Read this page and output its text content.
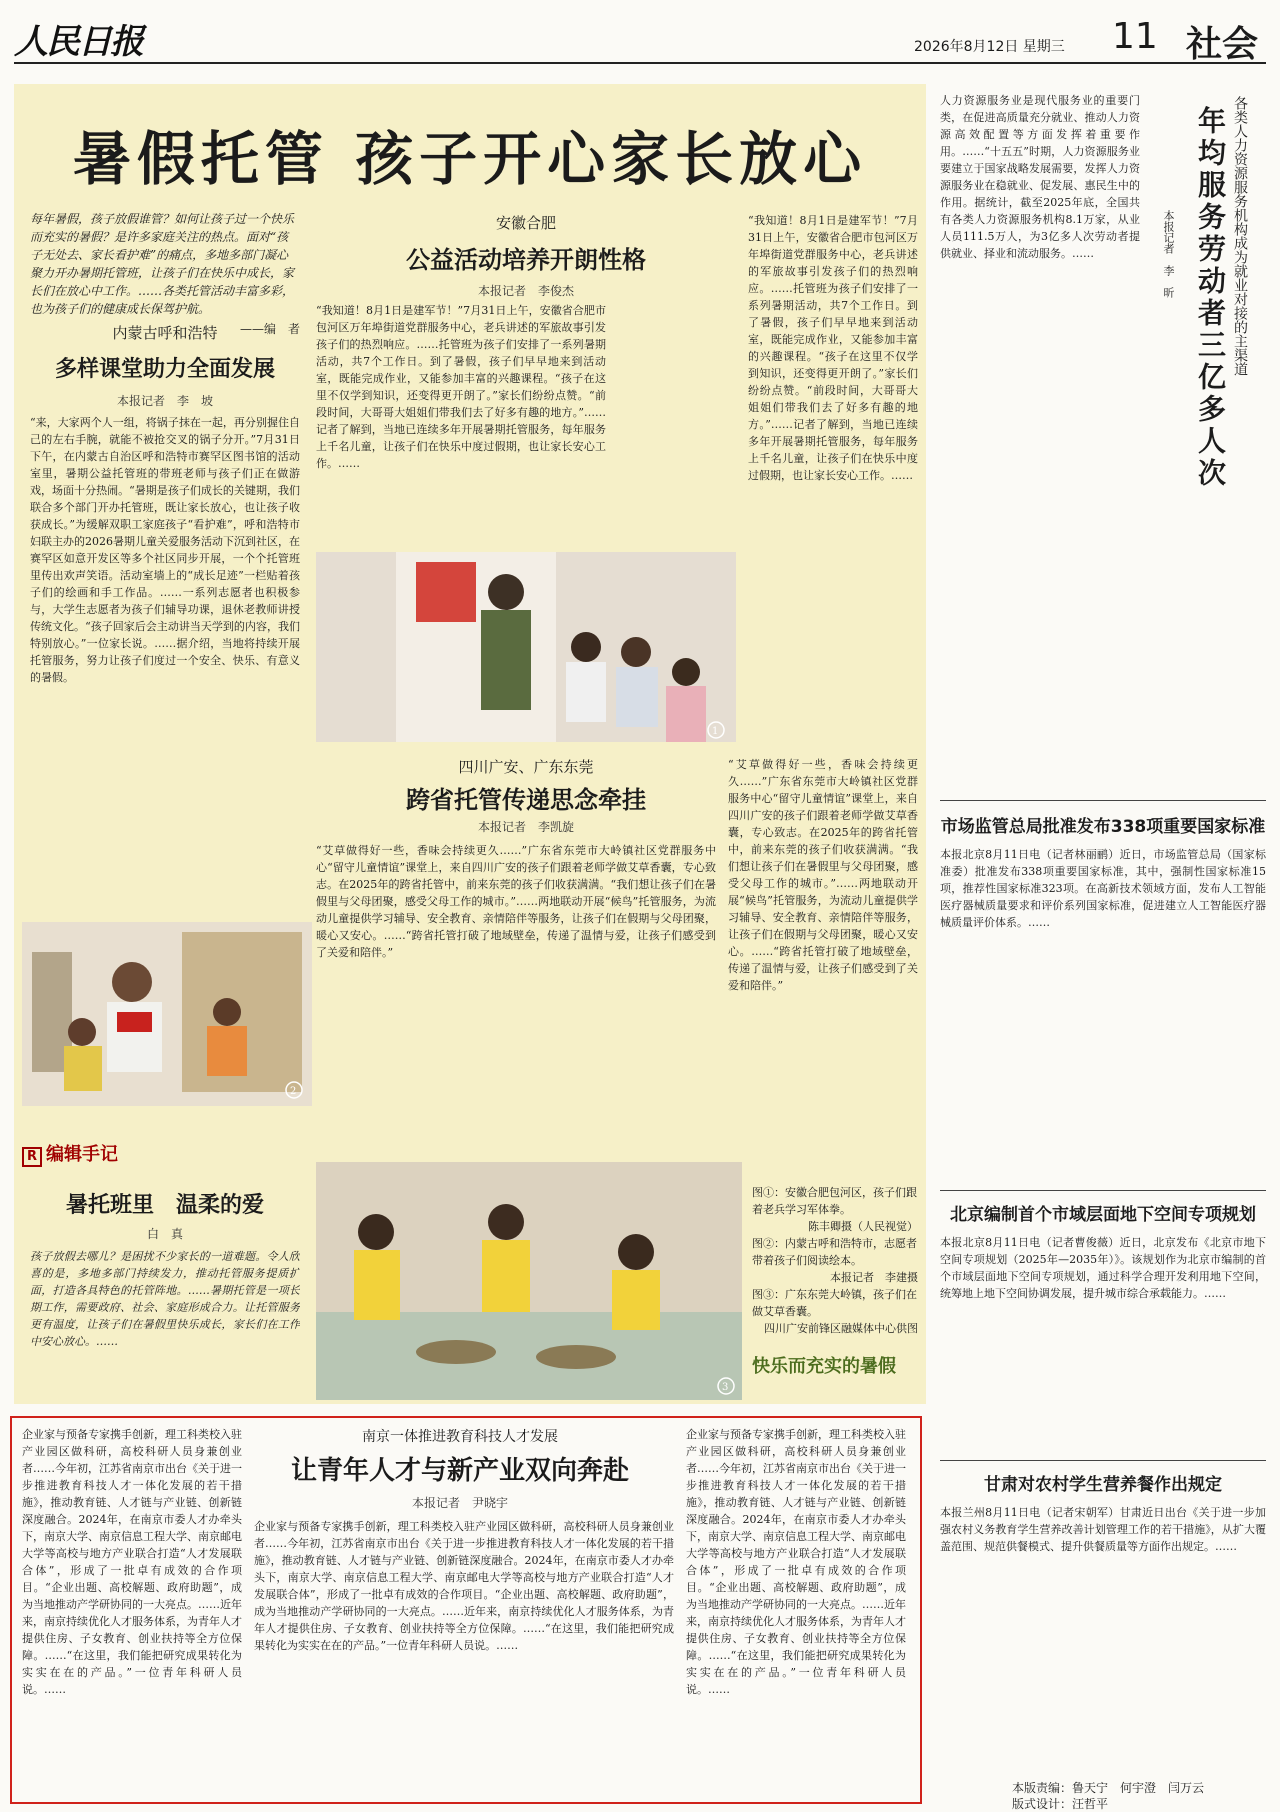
人民日报	2026年8月12日 星期三 11 社会
暑假托管 孩子开心家长放心
每年暑假，孩子放假谁管？如何让孩子过一个快乐而充实的暑假？是许多家庭关注的热点。面对“孩子无处去、家长看护难”的痛点，多地多部门凝心聚力开办暑期托管班，让孩子们在快乐中成长，家长们在放心中工作。……各类托管活动丰富多彩，也为孩子们的健康成长保驾护航。
——编　者
内蒙古呼和浩特
多样课堂助力全面发展
本报记者　李　坡
“来，大家两个人一组，将锅子抹在一起，再分别握住自己的左右手腕，就能不被抢交叉的锅子分开。”7月31日下午，在内蒙古自治区呼和浩特市赛罕区图书馆的活动室里，暑期公益托管班的带班老师与孩子们正在做游戏，场面十分热闹。“暑期是孩子们成长的关键期，我们联合多个部门开办托管班，既让家长放心，也让孩子收获成长。”为缓解双职工家庭孩子“看护难”，呼和浩特市妇联主办的2026暑期儿童关爱服务活动下沉到社区，在赛罕区如意开发区等多个社区同步开展，一个个托管班里传出欢声笑语。活动室墙上的“成长足迹”一栏贴着孩子们的绘画和手工作品。……一系列志愿者也积极参与，大学生志愿者为孩子们辅导功课，退休老教师讲授传统文化。“孩子回家后会主动讲当天学到的内容，我们特别放心。”一位家长说。……据介绍，当地将持续开展托管服务，努力让孩子们度过一个安全、快乐、有意义的暑假。
2
R 编辑手记
暑托班里　温柔的爱
白　真
孩子放假去哪儿？是困扰不少家长的一道难题。令人欣喜的是，多地多部门持续发力，推动托管服务提质扩面，打造各具特色的托管阵地。……暑期托管是一项长期工作，需要政府、社会、家庭形成合力。让托管服务更有温度，让孩子们在暑假里快乐成长，家长们在工作中安心放心。……
安徽合肥
公益活动培养开朗性格
本报记者　李俊杰
“我知道！8月1日是建军节！”7月31日上午，安徽省合肥市包河区万年埠街道党群服务中心，老兵讲述的军旅故事引发孩子们的热烈响应。……托管班为孩子们安排了一系列暑期活动，共7个工作日。到了暑假，孩子们早早地来到活动室，既能完成作业，又能参加丰富的兴趣课程。“孩子在这里不仅学到知识，还变得更开朗了。”家长们纷纷点赞。“前段时间，大哥哥大姐姐们带我们去了好多有趣的地方。”……记者了解到，当地已连续多年开展暑期托管服务，每年服务上千名儿童，让孩子们在快乐中度过假期，也让家长安心工作。……
1
四川广安、广东东莞
跨省托管传递思念牵挂
本报记者　李凯旋
“艾草做得好一些，香味会持续更久……”广东省东莞市大岭镇社区党群服务中心“留守儿童情谊”课堂上，来自四川广安的孩子们跟着老师学做艾草香囊，专心致志。在2025年的跨省托管中，前来东莞的孩子们收获满满。“我们想让孩子们在暑假里与父母团聚，感受父母工作的城市。”……两地联动开展“候鸟”托管服务，为流动儿童提供学习辅导、安全教育、亲情陪伴等服务，让孩子们在假期与父母团聚，暖心又安心。……“跨省托管打破了地域壁垒，传递了温情与爱，让孩子们感受到了关爱和陪伴。”
3
“我知道！8月1日是建军节！”7月31日上午，安徽省合肥市包河区万年埠街道党群服务中心，老兵讲述的军旅故事引发孩子们的热烈响应。……托管班为孩子们安排了一系列暑期活动，共7个工作日。到了暑假，孩子们早早地来到活动室，既能完成作业，又能参加丰富的兴趣课程。“孩子在这里不仅学到知识，还变得更开朗了。”家长们纷纷点赞。“前段时间，大哥哥大姐姐们带我们去了好多有趣的地方。”……记者了解到，当地已连续多年开展暑期托管服务，每年服务上千名儿童，让孩子们在快乐中度过假期，也让家长安心工作。……
“艾草做得好一些，香味会持续更久……”广东省东莞市大岭镇社区党群服务中心“留守儿童情谊”课堂上，来自四川广安的孩子们跟着老师学做艾草香囊，专心致志。在2025年的跨省托管中，前来东莞的孩子们收获满满。“我们想让孩子们在暑假里与父母团聚，感受父母工作的城市。”……两地联动开展“候鸟”托管服务，为流动儿童提供学习辅导、安全教育、亲情陪伴等服务，让孩子们在假期与父母团聚，暖心又安心。……“跨省托管打破了地域壁垒，传递了温情与爱，让孩子们感受到了关爱和陪伴。”
图①：安徽合肥包河区，孩子们跟着老兵学习军体拳。
陈丰卿摄（人民视觉）
图②：内蒙古呼和浩特市，志愿者带着孩子们阅读绘本。
本报记者　李建摄
图③：广东东莞大岭镇，孩子们在做艾草香囊。
四川广安前锋区融媒体中心供图
快乐而充实的暑假
南京一体推进教育科技人才发展
让青年人才与新产业双向奔赴
本报记者　尹晓宇
企业家与预备专家携手创新，理工科类校入驻产业园区做科研，高校科研人员身兼创业者……今年初，江苏省南京市出台《关于进一步推进教育科技人才一体化发展的若干措施》，推动教育链、人才链与产业链、创新链深度融合。2024年，在南京市委人才办牵头下，南京大学、南京信息工程大学、南京邮电大学等高校与地方产业联合打造“人才发展联合体”，形成了一批卓有成效的合作项目。“企业出题、高校解题、政府助题”，成为当地推动产学研协同的一大亮点。……近年来，南京持续优化人才服务体系，为青年人才提供住房、子女教育、创业扶持等全方位保障。……“在这里，我们能把研究成果转化为实实在在的产品。”一位青年科研人员说。……
企业家与预备专家携手创新，理工科类校入驻产业园区做科研，高校科研人员身兼创业者……今年初，江苏省南京市出台《关于进一步推进教育科技人才一体化发展的若干措施》，推动教育链、人才链与产业链、创新链深度融合。2024年，在南京市委人才办牵头下，南京大学、南京信息工程大学、南京邮电大学等高校与地方产业联合打造“人才发展联合体”，形成了一批卓有成效的合作项目。“企业出题、高校解题、政府助题”，成为当地推动产学研协同的一大亮点。……近年来，南京持续优化人才服务体系，为青年人才提供住房、子女教育、创业扶持等全方位保障。……“在这里，我们能把研究成果转化为实实在在的产品。”一位青年科研人员说。……
企业家与预备专家携手创新，理工科类校入驻产业园区做科研，高校科研人员身兼创业者……今年初，江苏省南京市出台《关于进一步推进教育科技人才一体化发展的若干措施》，推动教育链、人才链与产业链、创新链深度融合。2024年，在南京市委人才办牵头下，南京大学、南京信息工程大学、南京邮电大学等高校与地方产业联合打造“人才发展联合体”，形成了一批卓有成效的合作项目。“企业出题、高校解题、政府助题”，成为当地推动产学研协同的一大亮点。……近年来，南京持续优化人才服务体系，为青年人才提供住房、子女教育、创业扶持等全方位保障。……“在这里，我们能把研究成果转化为实实在在的产品。”一位青年科研人员说。……
人力资源服务业是现代服务业的重要门类，在促进高质量充分就业、推动人力资源高效配置等方面发挥着重要作用。……“十五五”时期，人力资源服务业要建立于国家战略发展需要，发挥人力资源服务业在稳就业、促发展、惠民生中的作用。据统计，截至2025年底，全国共有各类人力资源服务机构8.1万家，从业人员111.5万人，为3亿多人次劳动者提供就业、择业和流动服务。……	年均服务劳动者三亿多人次 各类人力资源服务机构成为就业对接的主渠道
本报记者　李　昕
市场监管总局批准发布338项重要国家标准
本报北京8月11日电（记者林丽鹂）近日，市场监管总局（国家标准委）批准发布338项重要国家标准，其中，强制性国家标准15项，推荐性国家标准323项。在高新技术领域方面，发布人工智能医疗器械质量要求和评价系列国家标准，促进建立人工智能医疗器械质量评价体系。……
北京编制首个市域层面地下空间专项规划
本报北京8月11日电（记者曹俊薇）近日，北京发布《北京市地下空间专项规划（2025年—2035年）》。该规划作为北京市编制的首个市域层面地下空间专项规划，通过科学合理开发利用地下空间，统筹地上地下空间协调发展，提升城市综合承载能力。……
甘肃对农村学生营养餐作出规定
本报兰州8月11日电（记者宋朝军）甘肃近日出台《关于进一步加强农村义务教育学生营养改善计划管理工作的若干措施》，从扩大覆盖范围、规范供餐模式、提升供餐质量等方面作出规定。……
本版责编：鲁天宁　何宇澄　闫万云
版式设计：汪哲平
